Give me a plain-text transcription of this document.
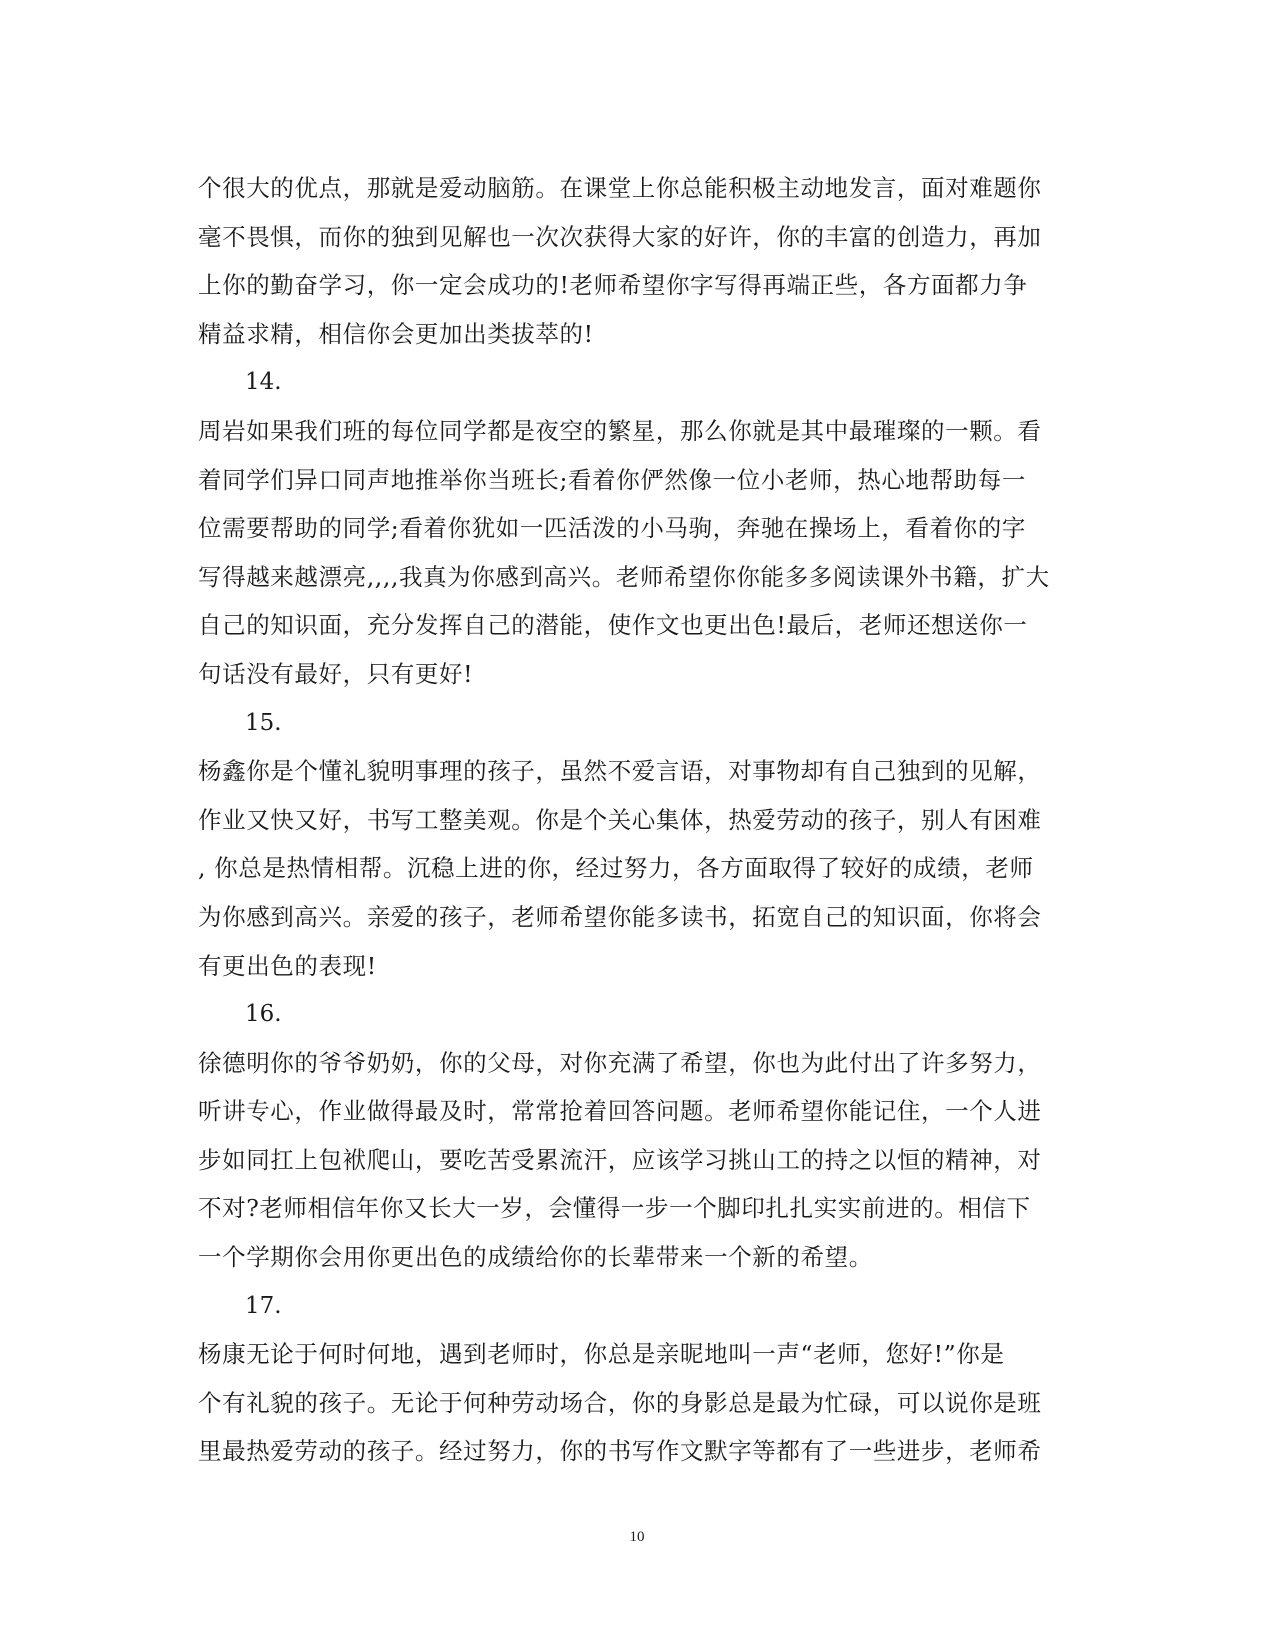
个很大的优点，那就是爱动脑筋。在课堂上你总能积极主动地发言，面对难题你
毫不畏惧，而你的独到见解也一次次获得大家的好许，你的丰富的创造力，再加
上你的勤奋学习，你一定会成功的!老师希望你字写得再端正些，各方面都力争
精益求精，相信你会更加出类拔萃的!
14.
周岩如果我们班的每位同学都是夜空的繁星，那么你就是其中最璀璨的一颗。看
着同学们异口同声地推举你当班长;看着你俨然像一位小老师，热心地帮助每一
位需要帮助的同学;看着你犹如一匹活泼的小马驹，奔驰在操场上，看着你的字
写得越来越漂亮,,,,我真为你感到高兴。老师希望你你能多多阅读课外书籍，扩大
自己的知识面，充分发挥自己的潜能，使作文也更出色!最后，老师还想送你一
句话没有最好，只有更好!
15.
杨鑫你是个懂礼貌明事理的孩子，虽然不爱言语，对事物却有自己独到的见解，
作业又快又好，书写工整美观。你是个关心集体，热爱劳动的孩子，别人有困难
, 你总是热情相帮。沉稳上进的你，经过努力，各方面取得了较好的成绩，老师
为你感到高兴。亲爱的孩子，老师希望你能多读书，拓宽自己的知识面，你将会
有更出色的表现!
16.
徐德明你的爷爷奶奶，你的父母，对你充满了希望，你也为此付出了许多努力，
听讲专心，作业做得最及时，常常抢着回答问题。老师希望你能记住，一个人进
步如同扛上包袱爬山，要吃苦受累流汗，应该学习挑山工的持之以恒的精神，对
不对?老师相信年你又长大一岁，会懂得一步一个脚印扎扎实实前进的。相信下
一个学期你会用你更出色的成绩给你的长辈带来一个新的希望。
17.
杨康无论于何时何地，遇到老师时，你总是亲昵地叫一声“老师，您好!”你是
个有礼貌的孩子。无论于何种劳动场合，你的身影总是最为忙碌，可以说你是班
里最热爱劳动的孩子。经过努力，你的书写作文默字等都有了一些进步，老师希
10
